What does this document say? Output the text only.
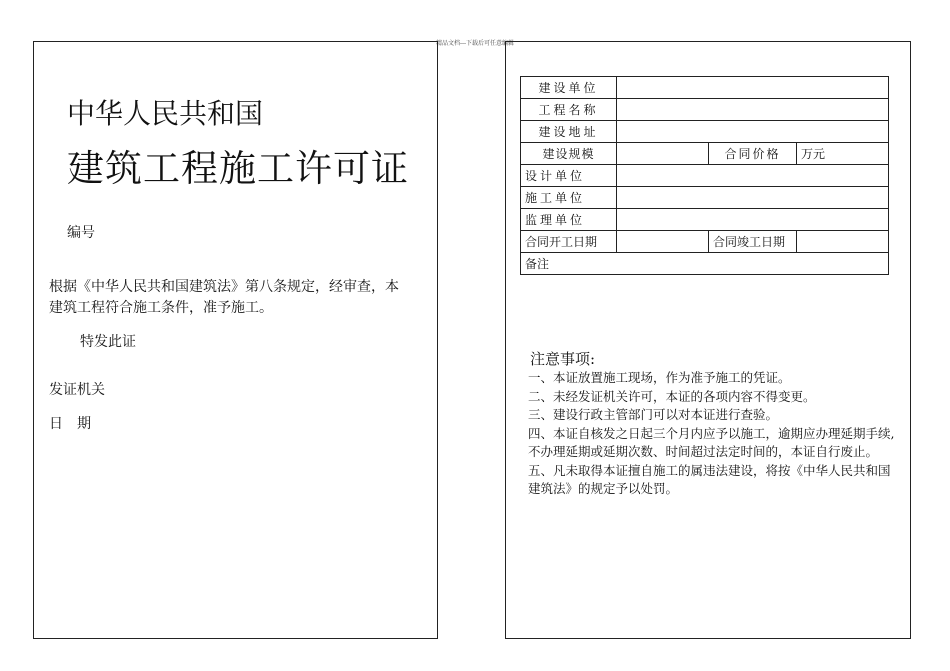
精品文档---下载后可任意编辑
中华人民共和国
建筑工程施工许可证
编号
根据《中华人民共和国建筑法》第八条规定，经审查，本
建筑工程符合施工条件，准予施工。
特发此证
发证机关
日 期
建设单位			
工程名称			
建设地址			
建设规模		合同价格	万元
设计单位			
施工单位			
监理单位			
合同开工日期		合同竣工日期	
备注			
注意事项:
一、本证放置施工现场，作为准予施工的凭证。
二、未经发证机关许可，本证的各项内容不得变更。
三、建设行政主管部门可以对本证进行查验。
四、本证自核发之日起三个月内应予以施工，逾期应办理延期手续,
不办理延期或延期次数、时间超过法定时间的，本证自行废止。
五、凡未取得本证擅自施工的属违法建设，将按《中华人民共和国
建筑法》的规定予以处罚。
